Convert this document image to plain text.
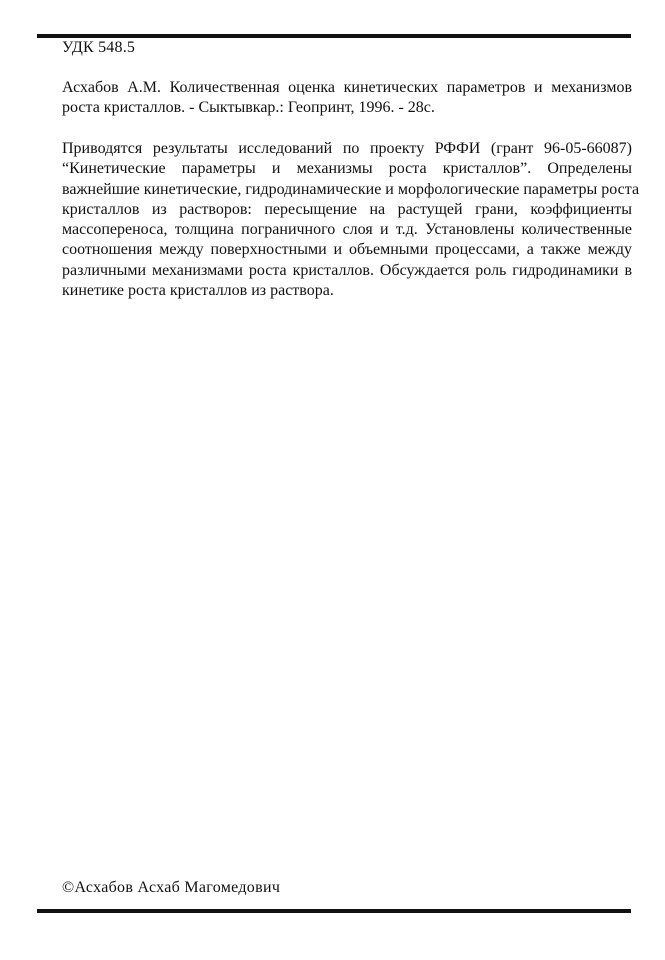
УДК 548.5
Асхабов А.М. Количественная оценка кинетических параметров и механизмов
роста кристаллов. - Сыктывкар.: Геопринт, 1996. - 28с.
Приводятся результаты исследований по проекту РФФИ (грант 96-05-66087)
“Кинетические параметры и механизмы роста кристаллов”. Определены
важнейшие кинетические, гидродинамические и морфологические параметры роста
кристаллов из растворов: пересыщение на растущей грани, коэффициенты
массопереноса, толщина пограничного слоя и т.д. Установлены количественные
соотношения между поверхностными и объемными процессами, а также между
различными механизмами роста кристаллов. Обсуждается роль гидродинамики в
кинетике роста кристаллов из раствора.
©Асхабов Асхаб Магомедович
